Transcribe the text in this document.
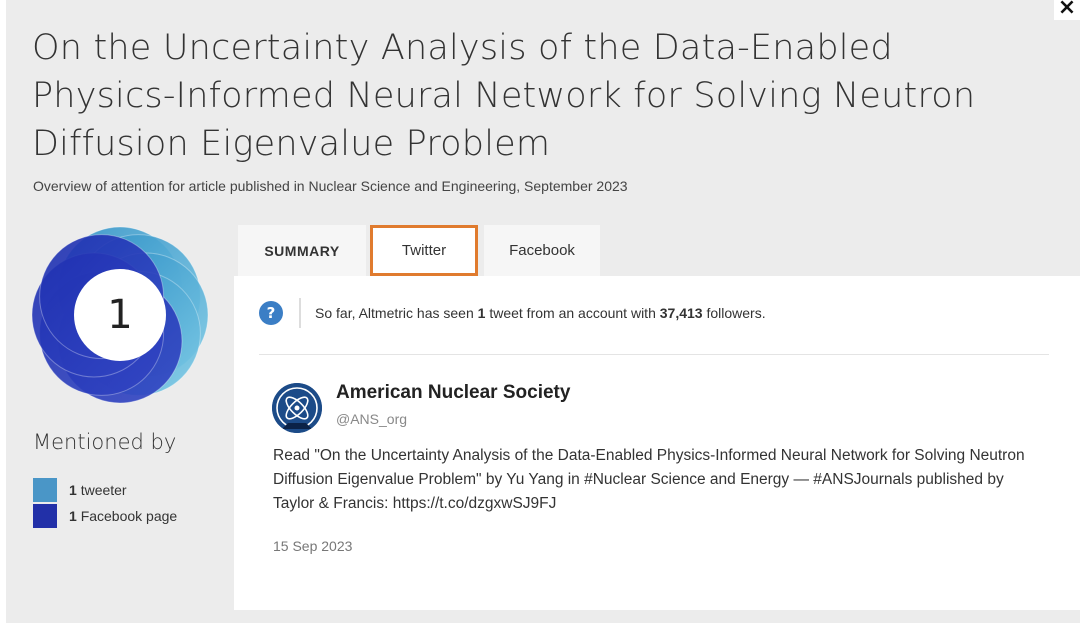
×
On the Uncertainty Analysis of the Data-Enabled Physics-Informed Neural Network for Solving Neutron Diffusion Eigenvalue Problem
Overview of attention for article published in Nuclear Science and Engineering, September 2023
1
Mentioned by
1 tweeter
1 Facebook page
SUMMARY	Twitter	Facebook
?	So far, Altmetric has seen 1 tweet from an account with 37,413 followers.
American Nuclear Society
@ANS_org
Read "On the Uncertainty Analysis of the Data-Enabled Physics-Informed Neural Network for Solving Neutron Diffusion Eigenvalue Problem" by Yu Yang in #Nuclear Science and Energy — #ANSJournals published by Taylor & Francis: https://t.co/dzgxwSJ9FJ
15 Sep 2023
